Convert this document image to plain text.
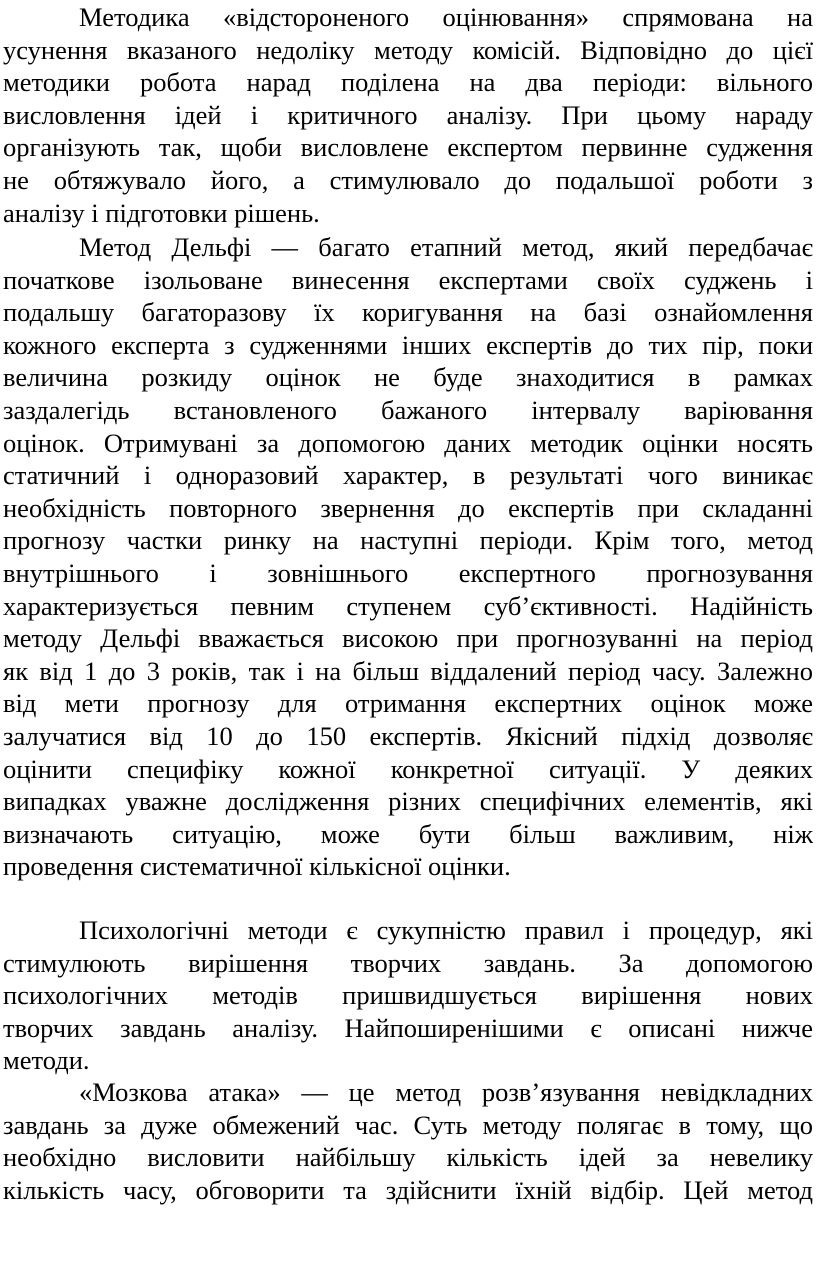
Методика «відстороненого оцінювання» спрямована на
усунення вказаного недоліку методу комісій. Відповідно до цієї
методики робота нарад поділена на два періоди: вільного
висловлення ідей і критичного аналізу. При цьому нараду
організують так, щоби висловлене експертом первинне судження
не обтяжувало його, а стимулювало до подальшої роботи з
аналізу і підготовки рішень.
Метод Дельфі — багато етапний метод, який передбачає
початкове ізольоване винесення експертами своїх суджень і
подальшу багаторазову їх коригування на базі ознайомлення
кожного експерта з судженнями інших експертів до тих пір, поки
величина розкиду оцінок не буде знаходитися в рамках
заздалегідь встановленого бажаного інтервалу варіювання
оцінок. Отримувані за допомогою даних методик оцінки носять
статичний і одноразовий характер, в результаті чого виникає
необхідність повторного звернення до експертів при складанні
прогнозу частки ринку на наступні періоди. Крім того, метод
внутрішнього і зовнішнього експертного прогнозування
характеризується певним ступенем суб’єктивності. Надійність
методу Дельфі вважається високою при прогнозуванні на період
як від 1 до 3 років, так і на більш віддалений період часу. Залежно
від мети прогнозу для отримання експертних оцінок може
залучатися від 10 до 150 експертів. Якісний підхід дозволяє
оцінити специфіку кожної конкретної ситуації. У деяких
випадках уважне дослідження різних специфічних елементів, які
визначають ситуацію, може бути більш важливим, ніж
проведення систематичної кількісної оцінки.
Психологічні методи є сукупністю правил і процедур, які
стимулюють вирішення творчих завдань. За допомогою
психологічних методів пришвидшується вирішення нових
творчих завдань аналізу. Найпоширенішими є описані нижче
методи.
«Мозкова атака» — це метод розв’язування невідкладних
завдань за дуже обмежений час. Суть методу полягає в тому, що
необхідно висловити найбільшу кількість ідей за невелику
кількість часу, обговорити та здійснити їхній відбір. Цей метод
